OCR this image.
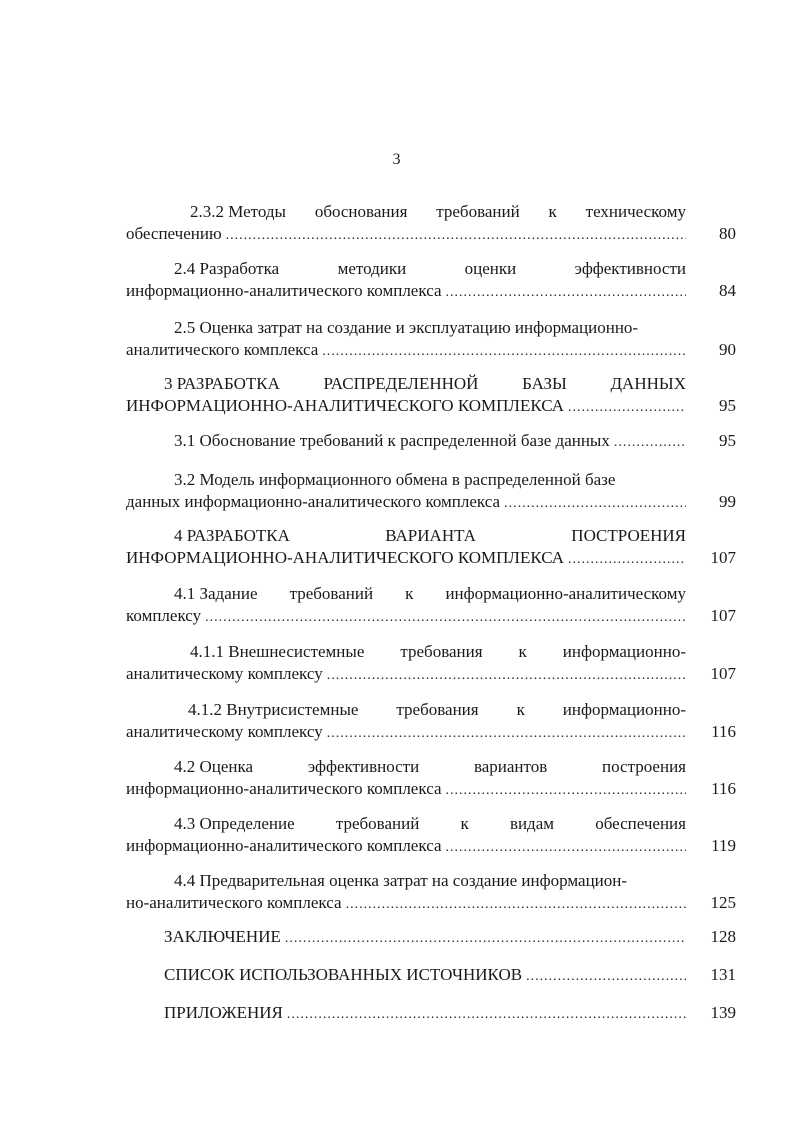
3
2.3.2 Методы обоснования требований к техническому
обеспечению .....	80
2.4 Разработка	методики	оценки	эффективности
информационно-аналитического комплекса .....	84
2.5 Оценка затрат на создание и эксплуатацию информационно-
аналитического комплекса .....	90
3 РАЗРАБОТКА	РАСПРЕДЕЛЕННОЙ	БАЗЫ	ДАННЫХ
ИНФОРМАЦИОННО-АНАЛИТИЧЕСКОГО КОМПЛЕКСА .....	95
3.1 Обоснование требований к распределенной базе данных .....	95
3.2 Модель информационного обмена в распределенной базе
данных информационно-аналитического комплекса .....	99
4 РАЗРАБОТКА	ВАРИАНТА	ПОСТРОЕНИЯ
ИНФОРМАЦИОННО-АНАЛИТИЧЕСКОГО КОМПЛЕКСА .....	107
4.1 Задание требований к информационно-аналитическому
комплексу .....	107
4.1.1 Внешнесистемные требования к информационно-
аналитическому комплексу .....	107
4.1.2 Внутрисистемные требования к информационно-
аналитическому комплексу .....	116
4.2 Оценка	эффективности	вариантов	построения
информационно-аналитического комплекса .....	116
4.3 Определение требований к видам обеспечения
информационно-аналитического комплекса .....	119
4.4 Предварительная оценка затрат на создание информацион-
но-аналитического комплекса .....	125
ЗАКЛЮЧЕНИЕ .....	128
СПИСОК ИСПОЛЬЗОВАННЫХ ИСТОЧНИКОВ .....	131
ПРИЛОЖЕНИЯ .....	139
